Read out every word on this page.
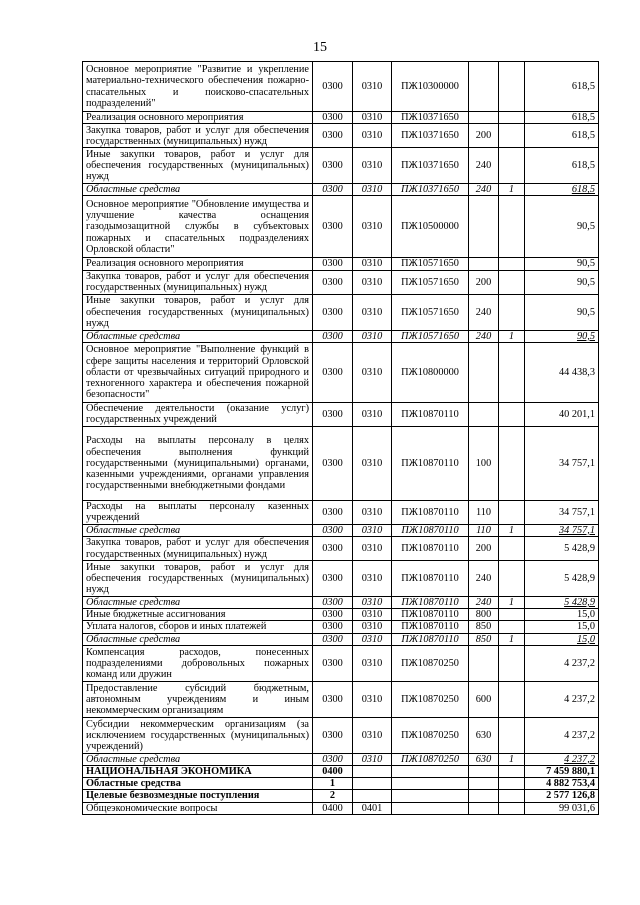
15
Основное мероприятие "Развитие и укрепление материально-технического обеспечения пожарно-спасательных и поисково-спасательных подразделений"	0300	0310	ПЖ10300000			618,5
Реализация основного мероприятия	0300	0310	ПЖ10371650			618,5
Закупка товаров, работ и услуг для обеспечения государственных (муниципальных) нужд	0300	0310	ПЖ10371650	200		618,5
Иные закупки товаров, работ и услуг для обеспечения государственных (муниципальных) нужд	0300	0310	ПЖ10371650	240		618,5
Областные средства	0300	0310	ПЖ10371650	240	1	618,5
Основное мероприятие "Обновление имущества и улучшение качества оснащения газодымозащитной службы в субъектовых пожарных и спасательных подразделениях Орловской области"	0300	0310	ПЖ10500000			90,5
Реализация основного мероприятия	0300	0310	ПЖ10571650			90,5
Закупка товаров, работ и услуг для обеспечения государственных (муниципальных) нужд	0300	0310	ПЖ10571650	200		90,5
Иные закупки товаров, работ и услуг для обеспечения государственных (муниципальных) нужд	0300	0310	ПЖ10571650	240		90,5
Областные средства	0300	0310	ПЖ10571650	240	1	90,5
Основное мероприятие "Выполнение функций в сфере защиты населения и территорий Орловской области от чрезвычайных ситуаций природного и техногенного характера и обеспечения пожарной безопасности"	0300	0310	ПЖ10800000			44 438,3
Обеспечение деятельности (оказание услуг) государственных учреждений	0300	0310	ПЖ10870110			40 201,1
Расходы на выплаты персоналу в целях обеспечения выполнения функций государственными (муниципальными) органами, казенными учреждениями, органами управления государственными внебюджетными фондами	0300	0310	ПЖ10870110	100		34 757,1
Расходы на выплаты персоналу казенных учреждений	0300	0310	ПЖ10870110	110		34 757,1
Областные средства	0300	0310	ПЖ10870110	110	1	34 757,1
Закупка товаров, работ и услуг для обеспечения государственных (муниципальных) нужд	0300	0310	ПЖ10870110	200		5 428,9
Иные закупки товаров, работ и услуг для обеспечения государственных (муниципальных) нужд	0300	0310	ПЖ10870110	240		5 428,9
Областные средства	0300	0310	ПЖ10870110	240	1	5 428,9
Иные бюджетные ассигнования	0300	0310	ПЖ10870110	800		15,0
Уплата налогов, сборов и иных платежей	0300	0310	ПЖ10870110	850		15,0
Областные средства	0300	0310	ПЖ10870110	850	1	15,0
Компенсация расходов, понесенных подразделениями добровольных пожарных команд или дружин	0300	0310	ПЖ10870250			4 237,2
Предоставление субсидий бюджетным, автономным учреждениям и иным некоммерческим организациям	0300	0310	ПЖ10870250	600		4 237,2
Субсидии некоммерческим организациям (за исключением государственных (муниципальных) учреждений)	0300	0310	ПЖ10870250	630		4 237,2
Областные средства	0300	0310	ПЖ10870250	630	1	4 237,2
НАЦИОНАЛЬНАЯ ЭКОНОМИКА	0400					7 459 880,1
Областные средства	1					4 882 753,4
Целевые безвозмездные поступления	2					2 577 126,8
Общеэкономические вопросы	0400	0401				99 031,6
